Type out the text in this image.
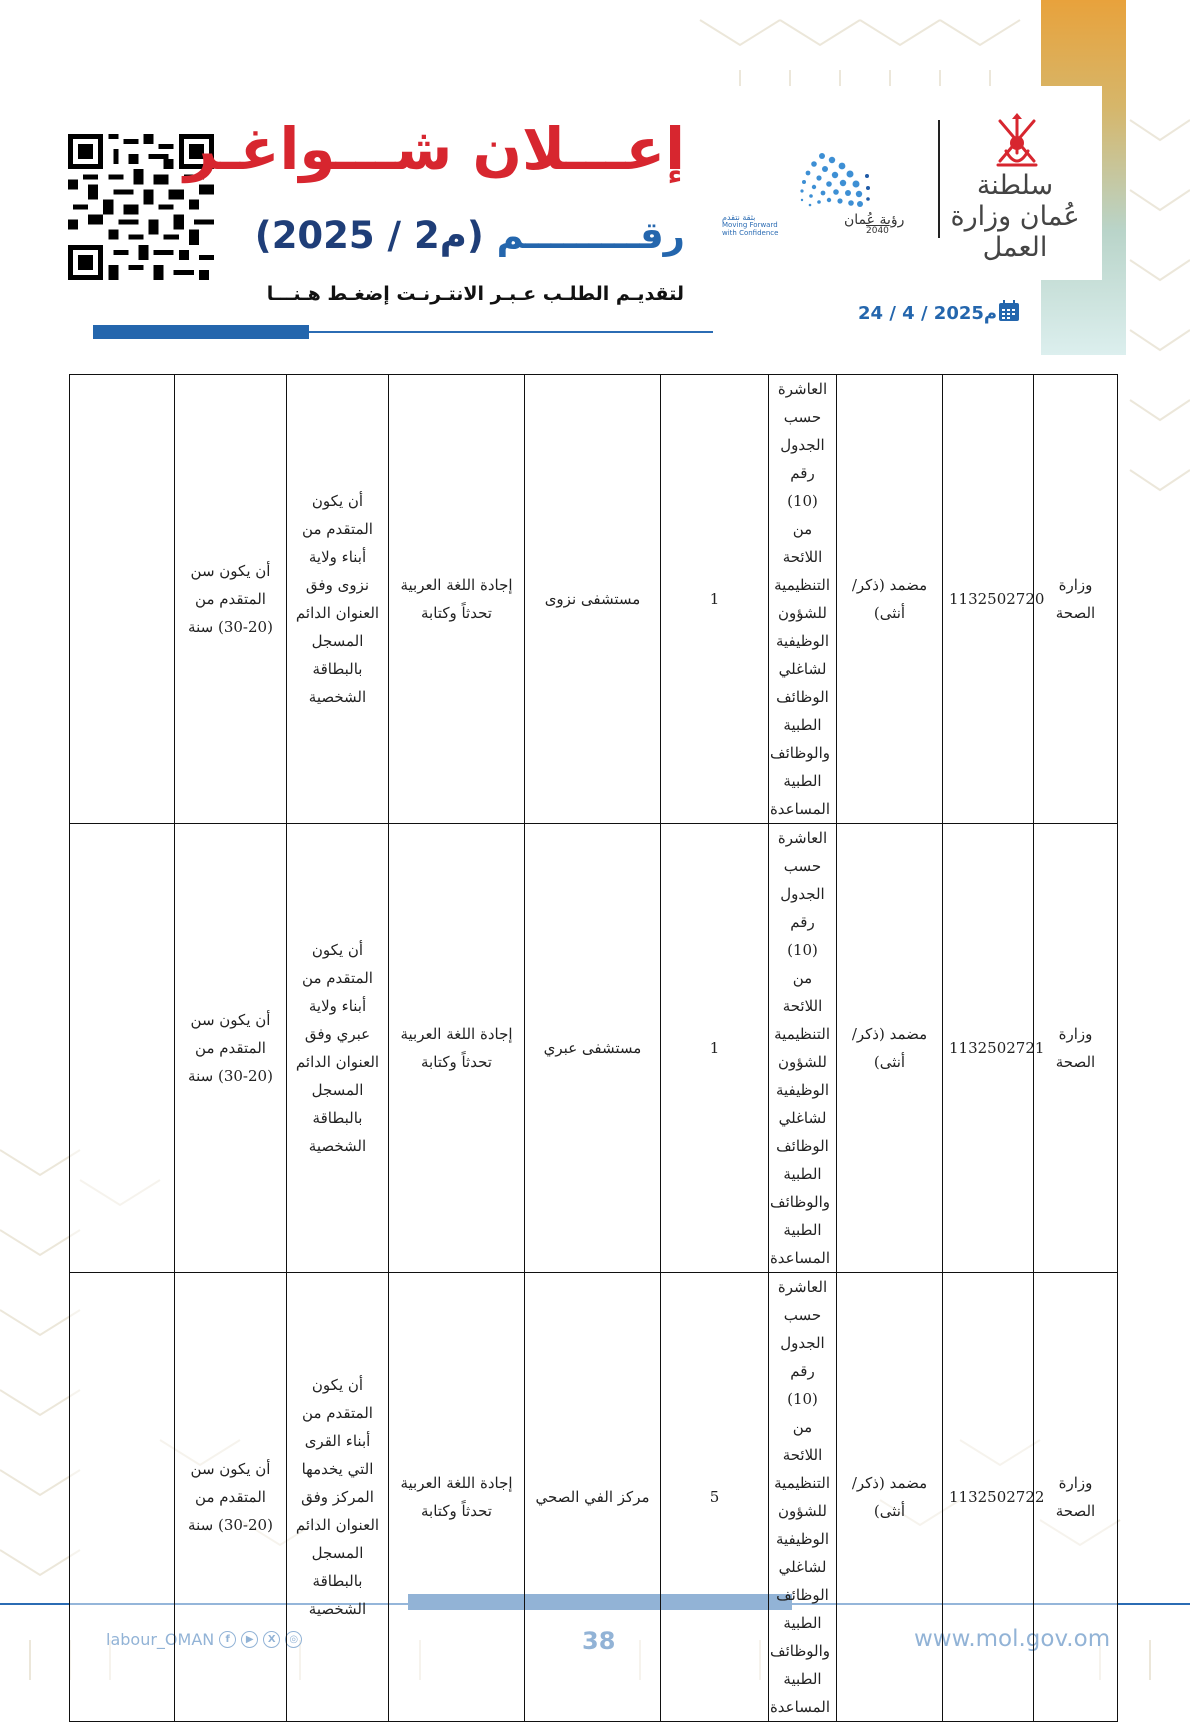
إعـــلان شـــواغـر
رقـــــــــم (م2 / 2025)
لتقديـم الطلـب عـبـر الانتـرنـت إضغـط هـنـــا
24 / 4 / 2025م
بثقة نتقدم
Moving Forward
with Confidence
رؤية عُمان
2040
سلطنة عُمان وزارة العمل
وزارة الصحة	1132502720	مضمد (ذكر/أنثى)	العاشرة حسب الجدول رقم (10) من اللائحة التنظيمية للشؤون الوظيفية لشاغلي الوظائف الطبية والوظائف الطبية المساعدة	1	مستشفى نزوى	إجادة اللغة العربية تحدثاً وكتابة	أن يكون المتقدم من أبناء ولاية نزوى وفق العنوان الدائم المسجل بالبطاقة الشخصية	أن يكون سن المتقدم من (20-30) سنة	
وزارة الصحة	1132502721	مضمد (ذكر/أنثى)	العاشرة حسب الجدول رقم (10) من اللائحة التنظيمية للشؤون الوظيفية لشاغلي الوظائف الطبية والوظائف الطبية المساعدة	1	مستشفى عبري	إجادة اللغة العربية تحدثاً وكتابة	أن يكون المتقدم من أبناء ولاية عبري وفق العنوان الدائم المسجل بالبطاقة الشخصية	أن يكون سن المتقدم من (20-30) سنة	
وزارة الصحة	1132502722	مضمد (ذكر/أنثى)	العاشرة حسب الجدول رقم (10) من اللائحة التنظيمية للشؤون الوظيفية لشاغلي الوظائف الطبية والوظائف الطبية المساعدة	5	مركز الفي الصحي	إجادة اللغة العربية تحدثاً وكتابة	أن يكون المتقدم من أبناء القرى التي يخدمها المركز وفق العنوان الدائم المسجل بالبطاقة الشخصية	أن يكون سن المتقدم من (20-30) سنة	
